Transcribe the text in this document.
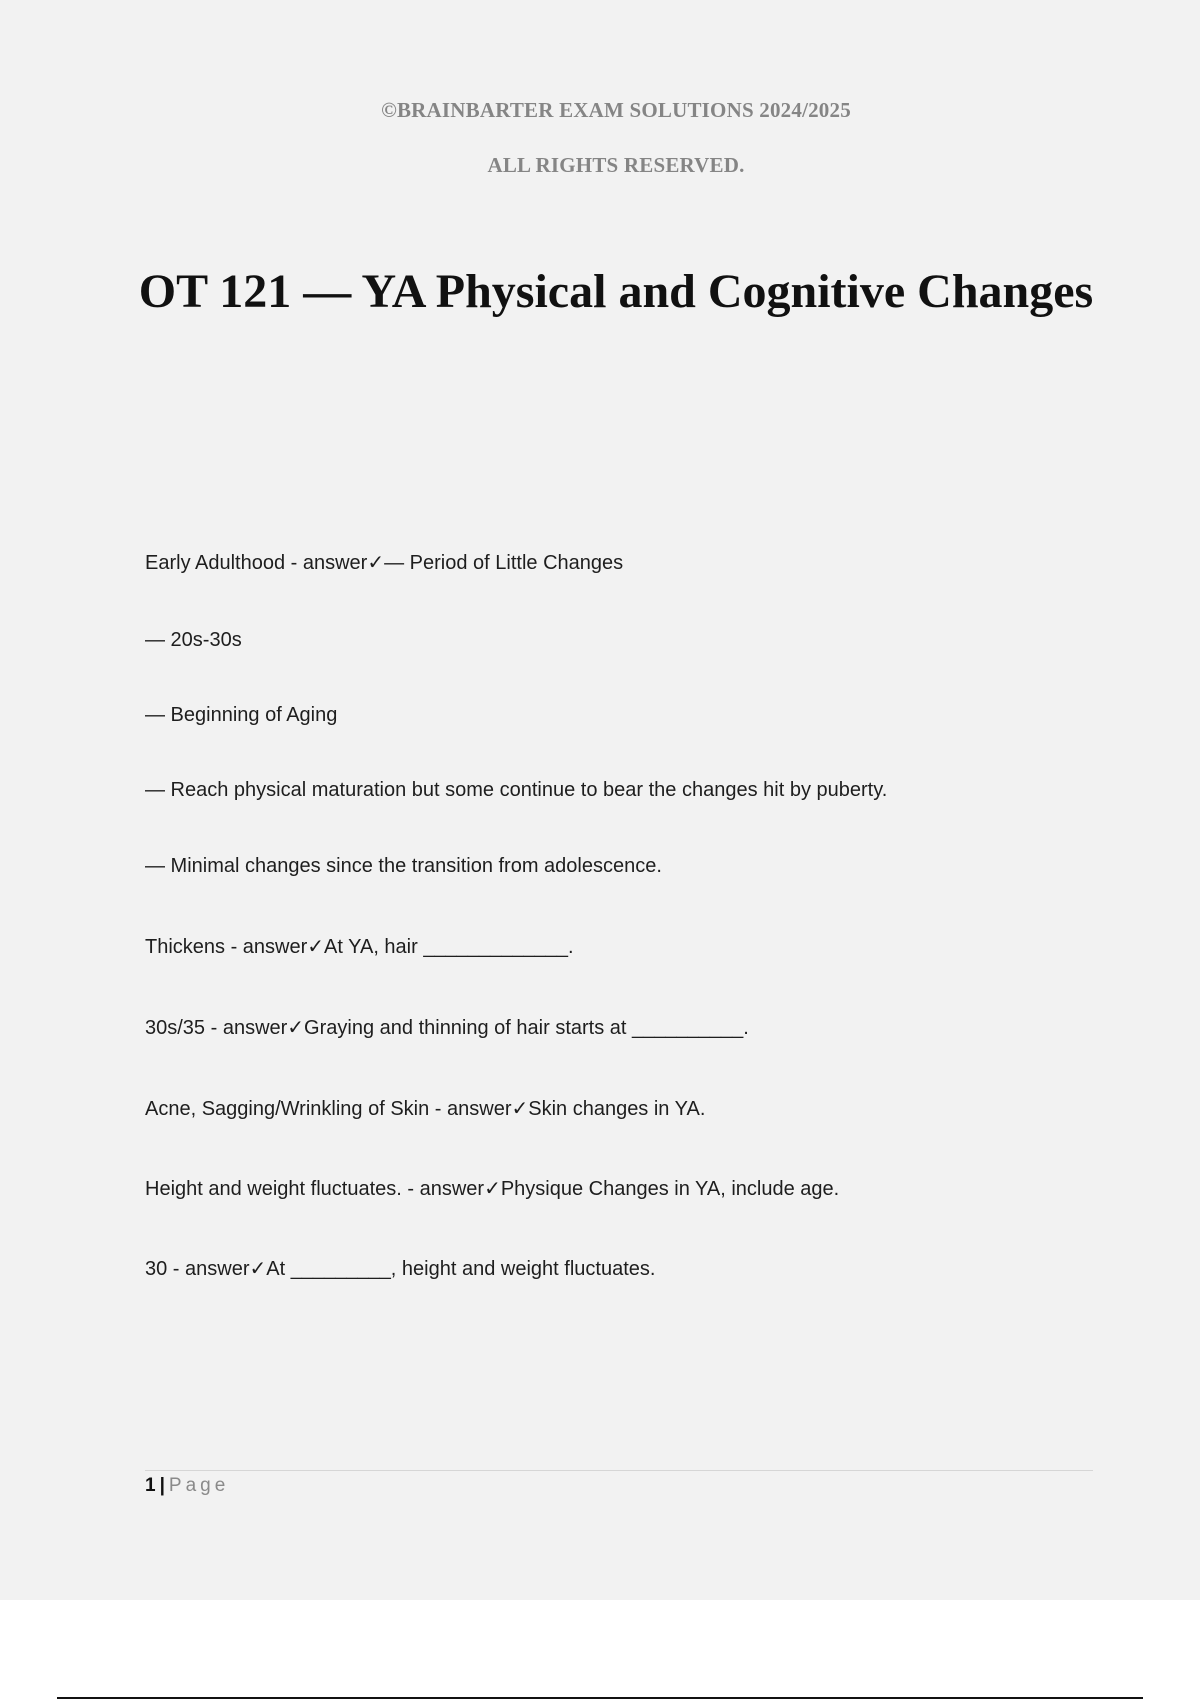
©BRAINBARTER EXAM SOLUTIONS 2024/2025
ALL RIGHTS RESERVED.
OT 121 — YA Physical and Cognitive Changes
Early Adulthood - answer✓— Period of Little Changes
— 20s-30s
— Beginning of Aging
— Reach physical maturation but some continue to bear the changes hit by puberty.
— Minimal changes since the transition from adolescence.
Thickens - answer✓At YA, hair _____________.
30s/35 - answer✓Graying and thinning of hair starts at __________.
Acne, Sagging/Wrinkling of Skin - answer✓Skin changes in YA.
Height and weight fluctuates. - answer✓Physique Changes in YA, include age.
30 - answer✓At _________, height and weight fluctuates.
1 | Page
